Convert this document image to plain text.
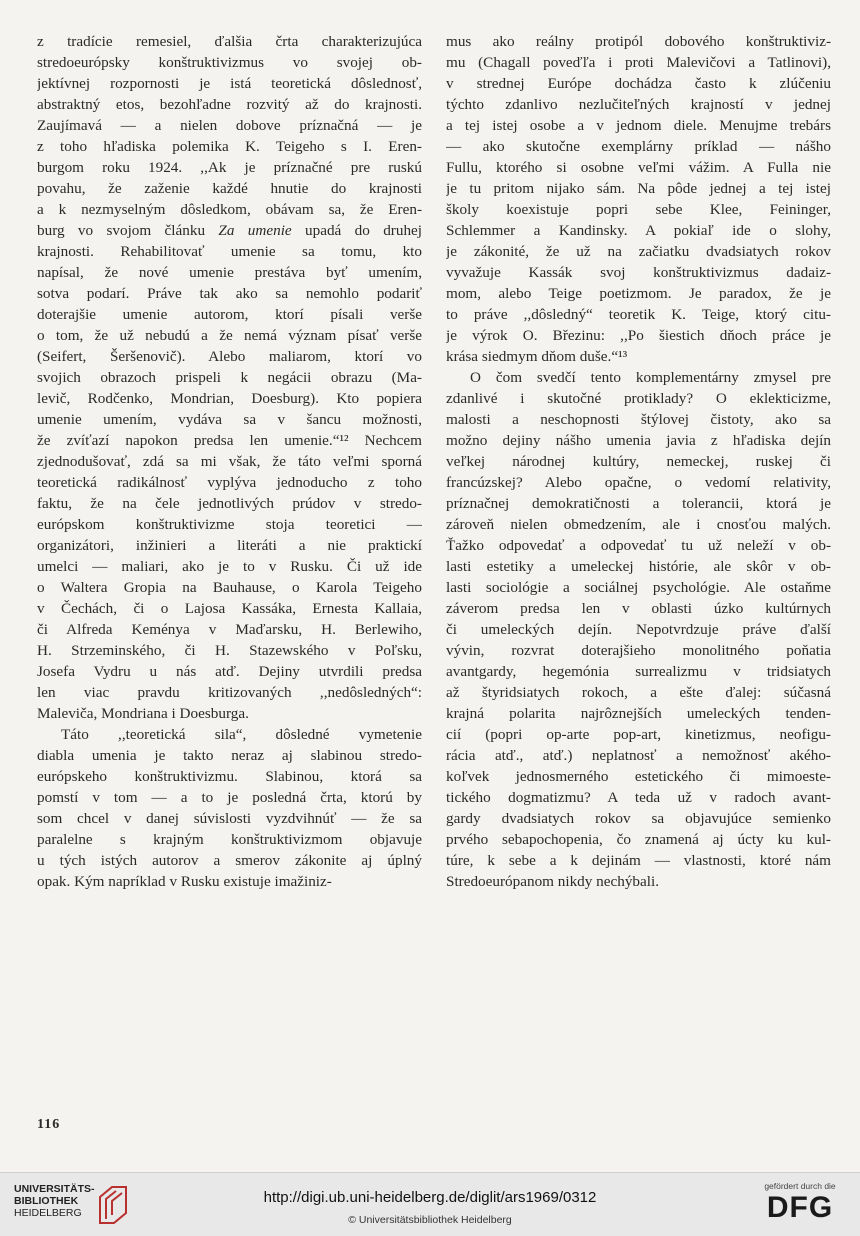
z tradície remesiel, ďalšia črta charakterizujúca
stredoeurópsky konštruktivizmus vo svojej ob-
jektívnej rozpornosti je istá teoretická dôslednosť,
abstraktný etos, bezohľadne rozvitý až do krajnosti.
Zaujímavá — a nielen dobove príznačná — je
z toho hľadiska polemika K. Teigeho s I. Eren-
burgom roku 1924. ,,Ak je príznačné pre ruskú
povahu, že zaženie každé hnutie do krajnosti
a k nezmyselným dôsledkom, obávam sa, že Eren-
burg vo svojom článku Za umenie upadá do druhej
krajnosti. Rehabilitovať umenie sa tomu, kto
napísal, že nové umenie prestáva byť umením,
sotva podarí. Práve tak ako sa nemohlo podariť
doterajšie umenie autorom, ktorí písali verše
o tom, že už nebudú a že nemá význam písať verše
(Seifert, Šeršenovič). Alebo maliarom, ktorí vo
svojich obrazoch prispeli k negácii obrazu (Ma-
levič, Rodčenko, Mondrian, Doesburg). Kto popiera
umenie umením, vydáva sa v šancu možnosti,
že zvíťazí napokon predsa len umenie.“¹² Nechcem
zjednodušovať, zdá sa mi však, že táto veľmi sporná
teoretická radikálnosť vyplýva jednoducho z toho
faktu, že na čele jednotlivých prúdov v stredo-
európskom konštruktivizme stoja teoretici —
organizátori, inžinieri a literáti a nie praktickí
umelci — maliari, ako je to v Rusku. Či už ide
o Waltera Gropia na Bauhause, o Karola Teigeho
v Čechách, či o Lajosa Kassáka, Ernesta Kallaia,
či Alfreda Keménya v Maďarsku, H. Berlewiho,
H. Strzeminského, či H. Stazewského v Poľsku,
Josefa Vydru u nás atď. Dejiny utvrdili predsa
len viac pravdu kritizovaných ,,nedôsledných“:
Maleviča, Mondriana i Doesburga.
Táto ,,teoretická sila“, dôsledné vymetenie
diabla umenia je takto neraz aj slabinou stredo-
európskeho konštruktivizmu. Slabinou, ktorá sa
pomstí v tom — a to je posledná črta, ktorú by
som chcel v danej súvislosti vyzdvihnúť — že sa
paralelne s krajným konštruktivizmom objavuje
u tých istých autorov a smerov zákonite aj úplný
opak. Kým napríklad v Rusku existuje imažiniz-
mus ako reálny protipól dobového konštruktiviz-
mu (Chagall poveďľa i proti Malevičovi a Tatlinovi),
v strednej Európe dochádza často k zlúčeniu
týchto zdanlivo nezlučiteľných krajností v jednej
a tej istej osobe a v jednom diele. Menujme trebárs
— ako skutočne exemplárny príklad — nášho
Fullu, ktorého si osobne veľmi vážim. A Fulla nie
je tu pritom nijako sám. Na pôde jednej a tej istej
školy koexistuje popri sebe Klee, Feininger,
Schlemmer a Kandinsky. A pokiaľ ide o slohy,
je zákonité, že už na začiatku dvadsiatych rokov
vyvažuje Kassák svoj konštruktivizmus dadaiz-
mom, alebo Teige poetizmom. Je paradox, že je
to práve ,,dôsledný“ teoretik K. Teige, ktorý citu-
je výrok O. Březinu: ,,Po šiestich dňoch práce je
krása siedmym dňom duše.“¹³
O čom svedčí tento komplementárny zmysel pre
zdanlivé i skutočné protiklady? O eklekticizme,
malosti a neschopnosti štýlovej čistoty, ako sa
možno dejiny nášho umenia javia z hľadiska dejín
veľkej národnej kultúry, nemeckej, ruskej či
francúzskej? Alebo opačne, o vedomí relativity,
príznačnej demokratičnosti a tolerancii, ktorá je
zároveň nielen obmedzením, ale i cnosťou malých.
Ťažko odpovedať a odpovedať tu už neleží v ob-
lasti estetiky a umeleckej histórie, ale skôr v ob-
lasti sociológie a sociálnej psychológie. Ale ostaňme
záverom predsa len v oblasti úzko kultúrnych
či umeleckých dejín. Nepotvrdzuje práve ďalší
vývin, rozvrat doterajšieho monolitného poňatia
avantgardy, hegemónia surrealizmu v tridsiatych
až štyridsiatych rokoch, a ešte ďalej: súčasná
krajná polarita najrôznejších umeleckých tenden-
cií (popri op-arte pop-art, kinetizmus, neofigu-
rácia atď., atď.) neplatnosť a nemožnosť akého-
koľvek jednosmerného estetického či mimoeste-
tického dogmatizmu? A teda už v radoch avant-
gardy dvadsiatych rokov sa objavujúce semienko
prvého sebapochopenia, čo znamená aj úcty ku kul-
túre, k sebe a k dejinám — vlastnosti, ktoré nám
Stredoeurópanom nikdy nechýbali.
116
UNIVERSITÄTS-
BIBLIOTHEK
HEIDELBERG
http://digi.ub.uni-heidelberg.de/diglit/ars1969/0312
© Universitätsbibliothek Heidelberg
gefördert durch die
DFG
